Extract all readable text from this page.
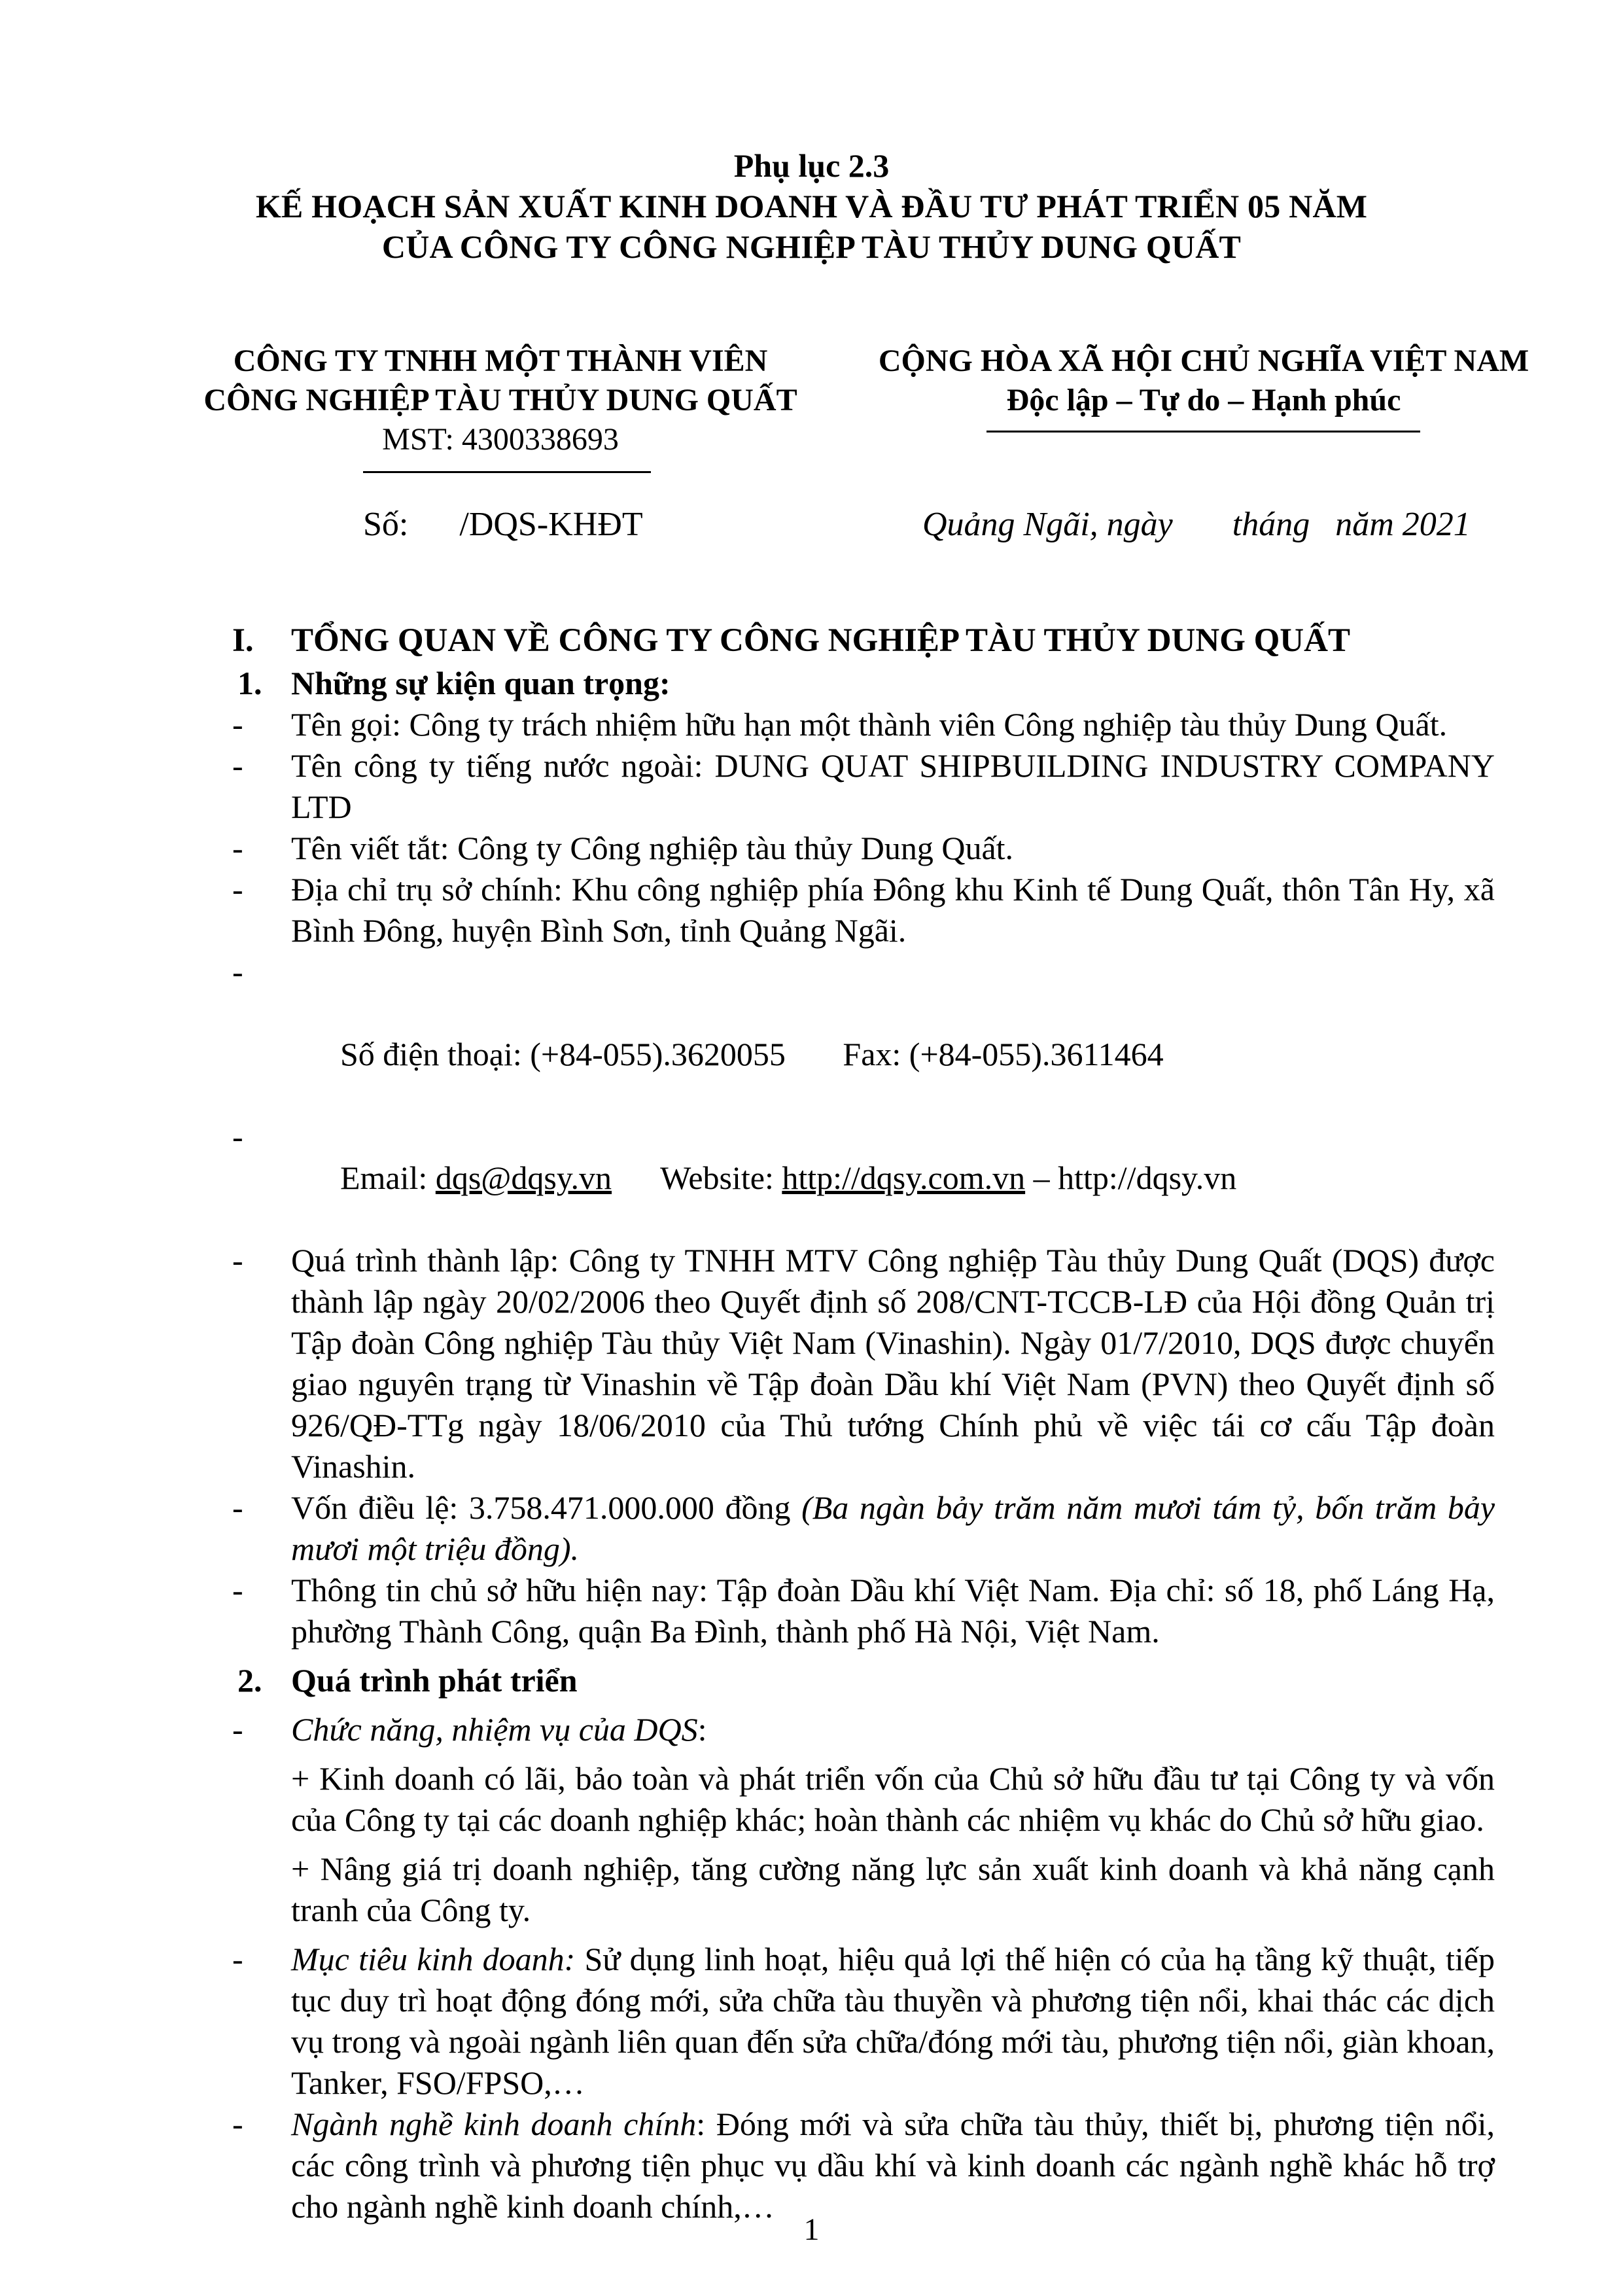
Phụ lục 2.3
KẾ HOẠCH SẢN XUẤT KINH DOANH VÀ ĐẦU TƯ PHÁT TRIỂN 05 NĂM
CỦA CÔNG TY CÔNG NGHIỆP TÀU THỦY DUNG QUẤT
CÔNG TY TNHH MỘT THÀNH VIÊN
CÔNG NGHIỆP TÀU THỦY DUNG QUẤT
MST: 4300338693
CỘNG HÒA XÃ HỘI CHỦ NGHĨA VIỆT NAM
Độc lập – Tự do – Hạnh phúc
Số:      /DQS-KHĐT	Quảng Ngãi, ngày       tháng   năm 2021
I. TỔNG QUAN VỀ CÔNG TY CÔNG NGHIỆP TÀU THỦY DUNG QUẤT
1. Những sự kiện quan trọng:
- Tên gọi: Công ty trách nhiệm hữu hạn một thành viên Công nghiệp tàu thủy Dung Quất.
- Tên công ty tiếng nước ngoài: DUNG QUAT SHIPBUILDING INDUSTRY COMPANY LTD
- Tên viết tắt: Công ty Công nghiệp tàu thủy Dung Quất.
- Địa chỉ trụ sở chính: Khu công nghiệp phía Đông khu Kinh tế Dung Quất, thôn Tân Hy, xã Bình Đông, huyện Bình Sơn, tỉnh Quảng Ngãi.

-

Số điện thoại: (+84-055).3620055       Fax: (+84-055).3611464

-
Email: dqs@dqsy.vn      Website: http://dqsy.com.vn – http://dqsy.vn

- Quá trình thành lập: Công ty TNHH MTV Công nghiệp Tàu thủy Dung Quất (DQS) được thành lập ngày 20/02/2006 theo Quyết định số 208/CNT-TCCB-LĐ của Hội đồng Quản trị Tập đoàn Công nghiệp Tàu thủy Việt Nam (Vinashin). Ngày 01/7/2010, DQS được chuyển giao nguyên trạng từ Vinashin về Tập đoàn Dầu khí Việt Nam (PVN) theo Quyết định số 926/QĐ-TTg ngày 18/06/2010 của Thủ tướng Chính phủ về việc tái cơ cấu Tập đoàn Vinashin.
- Vốn điều lệ: 3.758.471.000.000 đồng (Ba ngàn bảy trăm năm mươi tám tỷ, bốn trăm bảy mươi một triệu đồng).
- Thông tin chủ sở hữu hiện nay: Tập đoàn Dầu khí Việt Nam. Địa chỉ: số 18, phố Láng Hạ, phường Thành Công, quận Ba Đình, thành phố Hà Nội, Việt Nam.
2. Quá trình phát triển
- Chức năng, nhiệm vụ của DQS:
+ Kinh doanh có lãi, bảo toàn và phát triển vốn của Chủ sở hữu đầu tư tại Công ty và vốn của Công ty tại các doanh nghiệp khác; hoàn thành các nhiệm vụ khác do Chủ sở hữu giao.
+ Nâng giá trị doanh nghiệp, tăng cường năng lực sản xuất kinh doanh và khả năng cạnh tranh của Công ty.
- Mục tiêu kinh doanh: Sử dụng linh hoạt, hiệu quả lợi thế hiện có của hạ tầng kỹ thuật, tiếp tục duy trì hoạt động đóng mới, sửa chữa tàu thuyền và phương tiện nổi, khai thác các dịch vụ trong và ngoài ngành liên quan đến sửa chữa/đóng mới tàu, phương tiện nổi, giàn khoan, Tanker, FSO/FPSO,…
- Ngành nghề kinh doanh chính: Đóng mới và sửa chữa tàu thủy, thiết bị, phương tiện nổi, các công trình và phương tiện phục vụ dầu khí và kinh doanh các ngành nghề khác hỗ trợ cho ngành nghề kinh doanh chính,…
1
